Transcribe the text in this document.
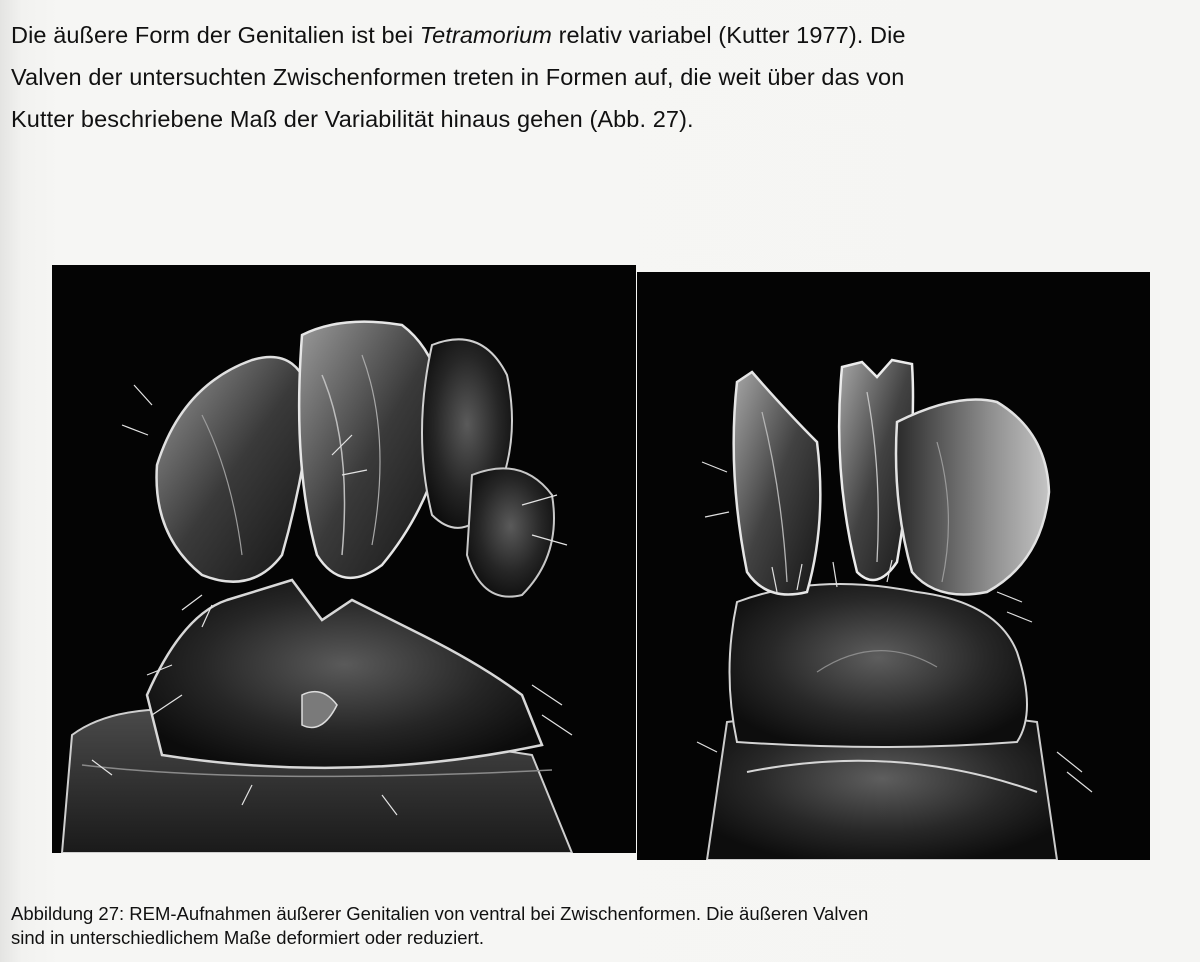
Die äußere Form der Genitalien ist bei Tetramorium relativ variabel (Kutter 1977). Die

Valven der untersuchten Zwischenformen treten in Formen auf, die weit über das von

Kutter beschriebene Maß der Variabilität hinaus gehen (Abb. 27).

Abbildung 27: REM-Aufnahmen äußerer Genitalien von ventral bei Zwischenformen. Die äußeren Valven

sind in unterschiedlichem Maße deformiert oder reduziert.
